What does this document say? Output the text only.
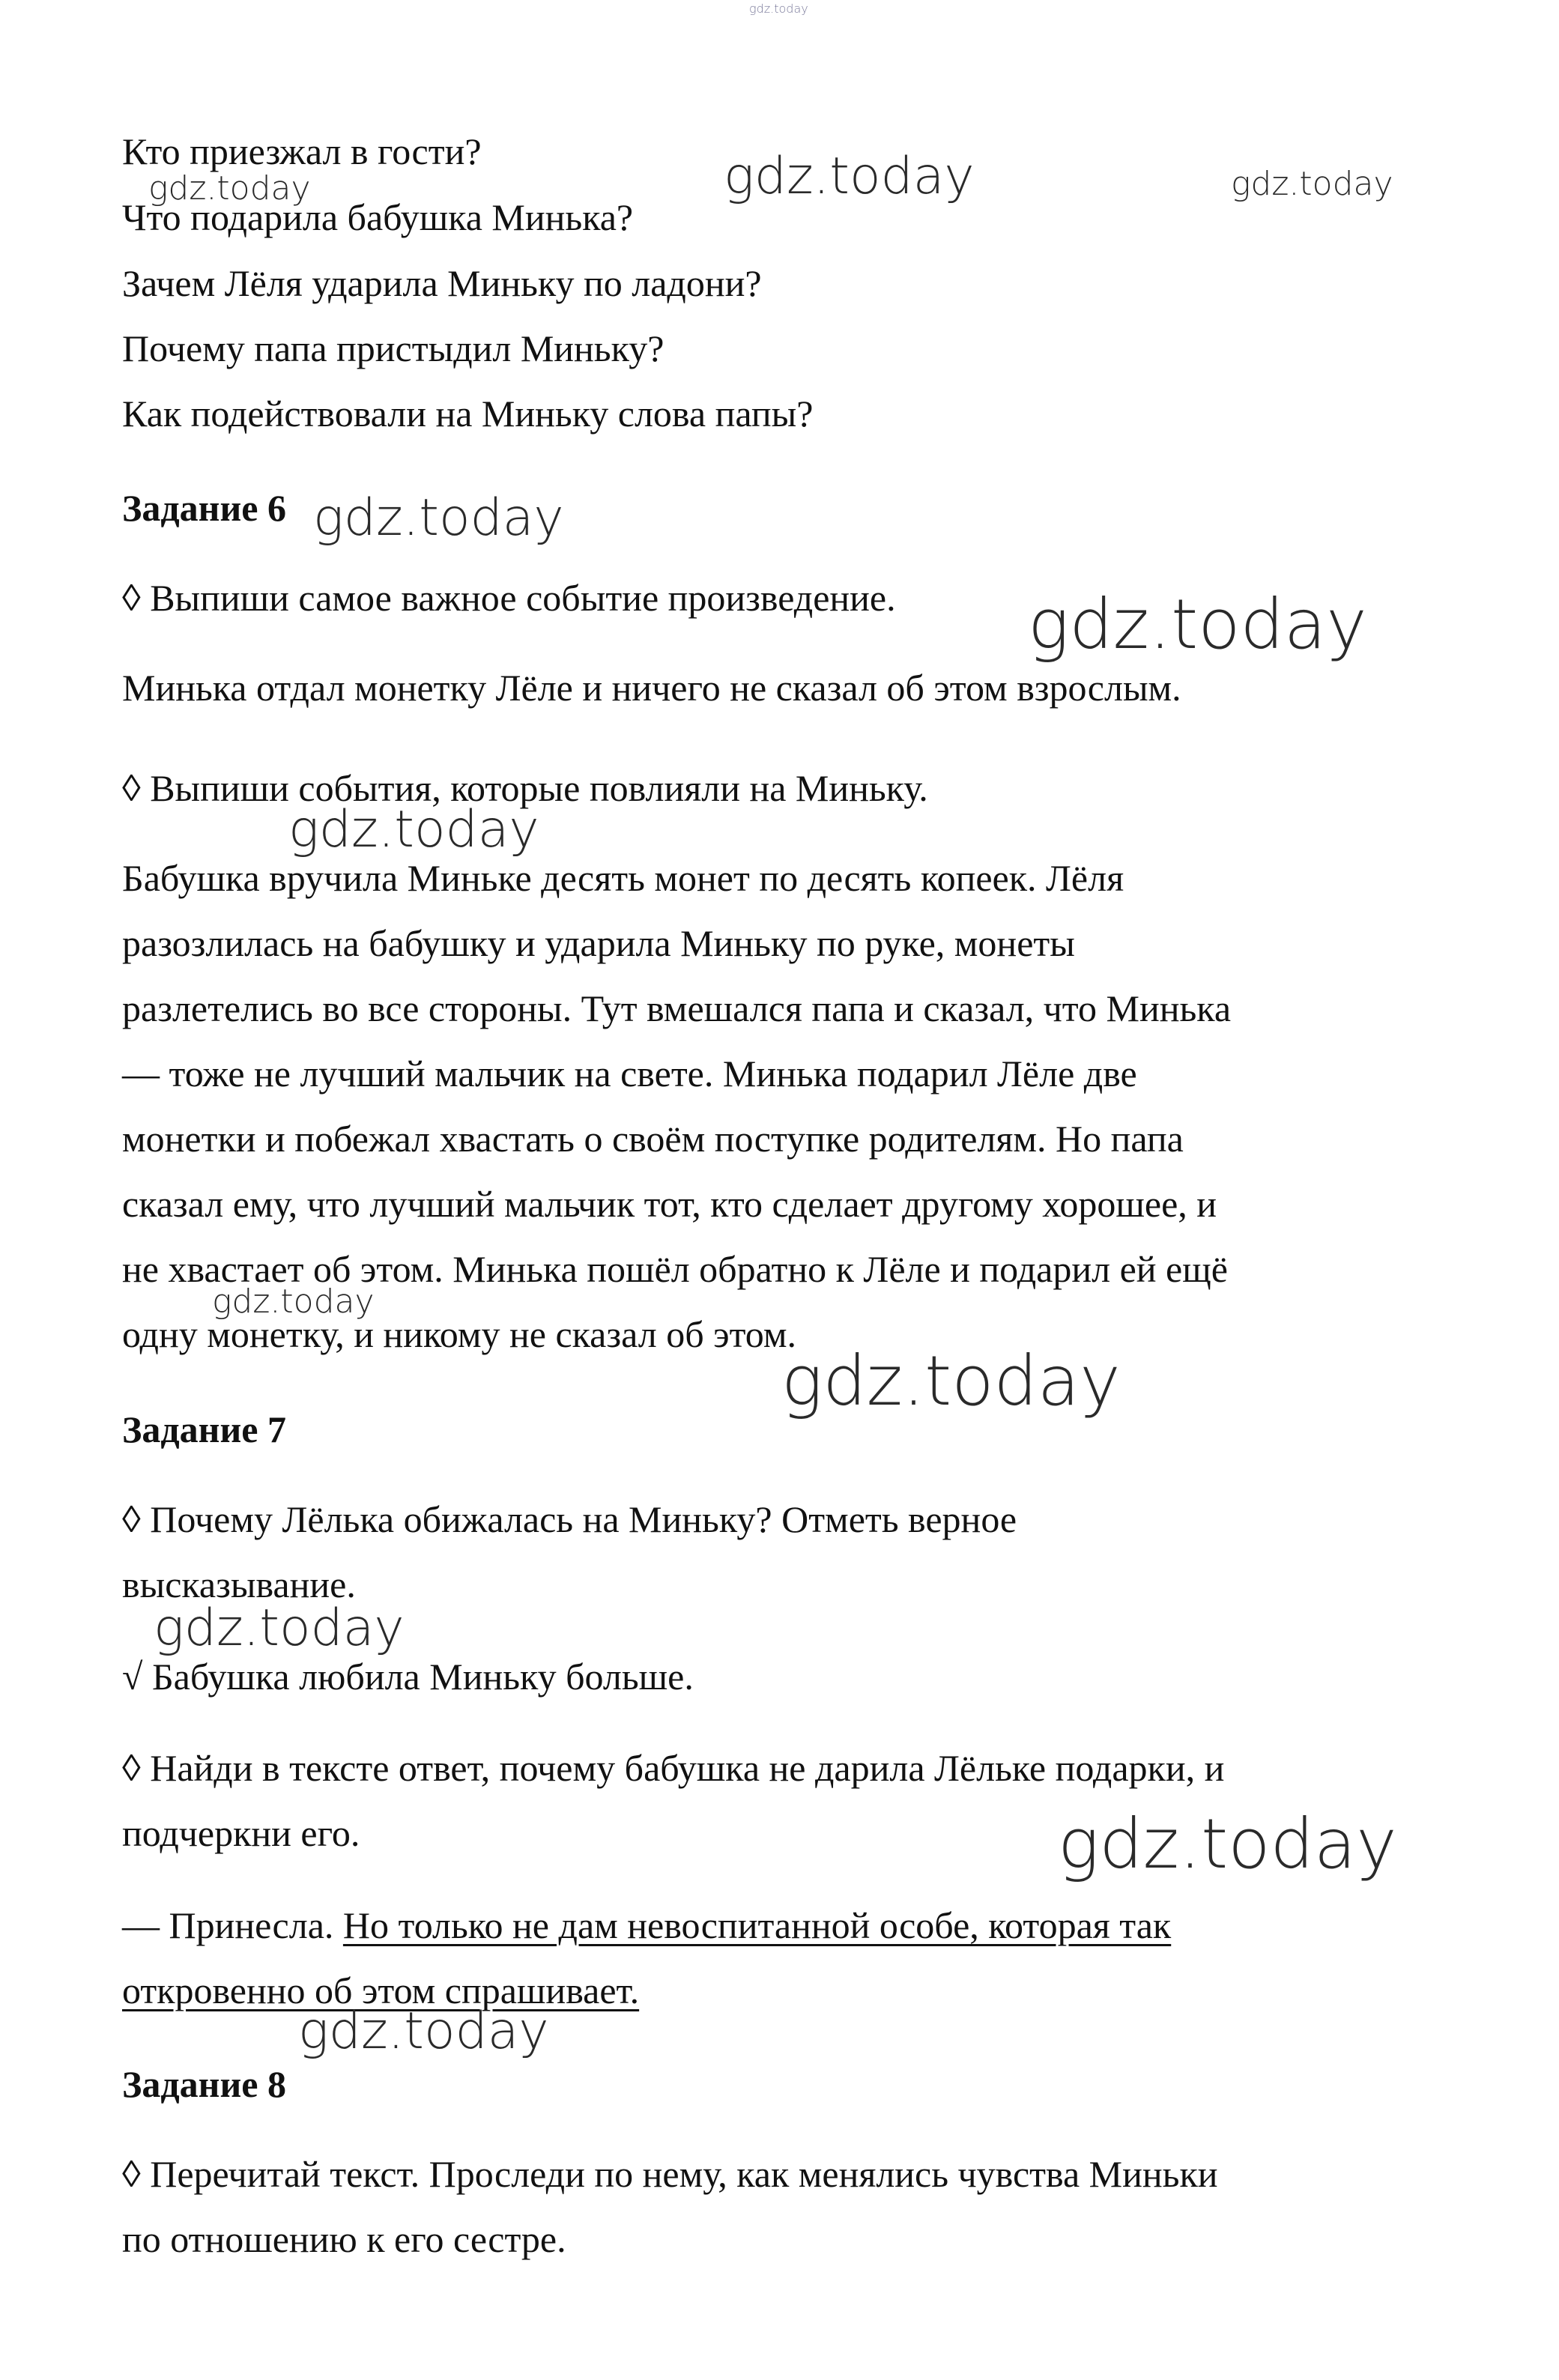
gdz.today
Кто приезжал в гости?
Что подарила бабушка Минька?
Зачем Лёля ударила Миньку по ладони?
Почему папа пристыдил Миньку?
Как подействовали на Миньку слова папы?
Задание 6
◊ Выпиши самое важное событие произведение.
Минька отдал монетку Лёле и ничего не сказал об этом взрослым.
◊ Выпиши события, которые повлияли на Миньку.
Бабушка вручила Миньке десять монет по десять копеек. Лёля
разозлилась на бабушку и ударила Миньку по руке, монеты
разлетелись во все стороны. Тут вмешался папа и сказал, что Минька
— тоже не лучший мальчик на свете. Минька подарил Лёле две
монетки и побежал хвастать о своём поступке родителям. Но папа
сказал ему, что лучший мальчик тот, кто сделает другому хорошее, и
не хвастает об этом. Минька пошёл обратно к Лёле и подарил ей ещё
одну монетку, и никому не сказал об этом.
Задание 7
◊ Почему Лёлька обижалась на Миньку? Отметь верное
высказывание.
√ Бабушка любила Миньку больше.
◊ Найди в тексте ответ, почему бабушка не дарила Лёльке подарки, и
подчеркни его.
— Принесла. Но только не дам невоспитанной особе, которая так
откровенно об этом спрашивает.
Задание 8
◊ Перечитай текст. Проследи по нему, как менялись чувства Миньки
по отношению к его сестре.
gdz.today	gdz.today	gdz.today
gdz.today
gdz.today
gdz.today
gdz.today
gdz.today
gdz.today
gdz.today
gdz.today
